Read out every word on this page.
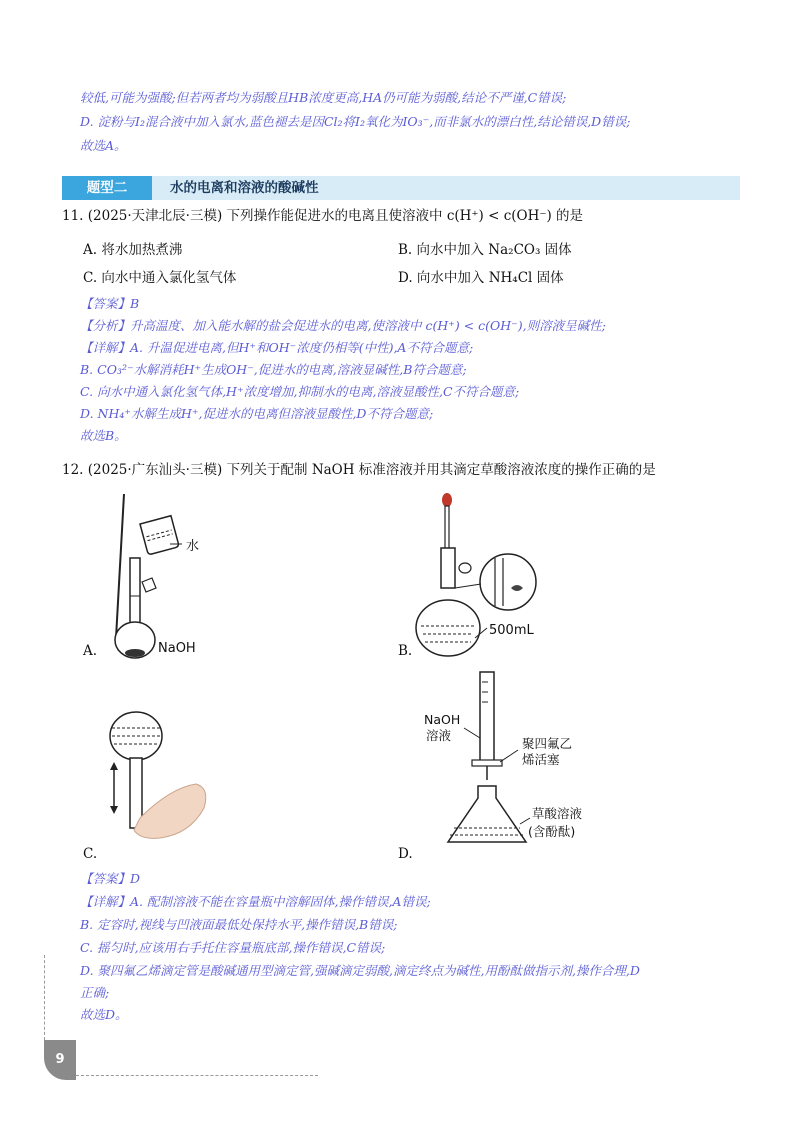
较低,可能为强酸;但若两者均为弱酸且HB浓度更高,HA仍可能为弱酸,结论不严谨,C错误;
D. 淀粉与I₂混合液中加入氯水,蓝色褪去是因Cl₂将I₂氧化为IO₃⁻,而非氯水的漂白性,结论错误,D错误;
故选A。
题型二	水的电离和溶液的酸碱性
11. (2025·天津北辰·三模) 下列操作能促进水的电离且使溶液中 c(H⁺) < c(OH⁻) 的是
A. 将水加热煮沸	B. 向水中加入 Na₂CO₃ 固体
C. 向水中通入氯化氢气体	D. 向水中加入 NH₄Cl 固体
【答案】B
【分析】升高温度、加入能水解的盐会促进水的电离,使溶液中 c(H⁺) < c(OH⁻),则溶液呈碱性;
【详解】A. 升温促进电离,但H⁺和OH⁻浓度仍相等(中性),A不符合题意;
B. CO₃²⁻水解消耗H⁺生成OH⁻,促进水的电离,溶液显碱性,B符合题意;
C. 向水中通入氯化氢气体,H⁺浓度增加,抑制水的电离,溶液显酸性,C不符合题意;
D. NH₄⁺水解生成H⁺,促进水的电离但溶液显酸性,D不符合题意;
故选B。
12. (2025·广东汕头·三模) 下列关于配制 NaOH 标准溶液并用其滴定草酸溶液浓度的操作正确的是
NaOH
水
A.
500mL
B.
C.
NaOH
溶液
聚四氟乙
烯活塞
草酸溶液
(含酚酞)
D.
【答案】D
【详解】A. 配制溶液不能在容量瓶中溶解固体,操作错误,A错误;
B. 定容时,视线与凹液面最低处保持水平,操作错误,B错误;
C. 摇匀时,应该用右手托住容量瓶底部,操作错误,C错误;
D. 聚四氟乙烯滴定管是酸碱通用型滴定管,强碱滴定弱酸,滴定终点为碱性,用酚酞做指示剂,操作合理,D
正确;
故选D。
9
